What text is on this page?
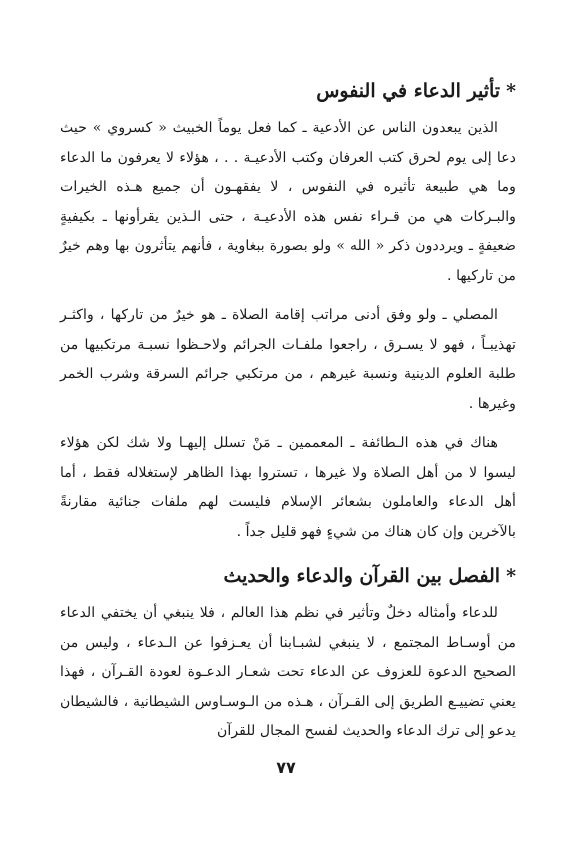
*تأثير الدعاء في النفوس

الذين يبعدون الناس عن الأدعية ـ كما فعل يوماً الخبيث « كسروي » حيث دعا إلى يوم لحرق كتب العرفان وكتب الأدعيـة . . ، هؤلاء لا يعرفون ما الدعاء وما هي طبيعة تأثيره في النفوس ، لا يفقهـون أن جميع هـذه الخيرات والبـركات هي من قـراء نفس هذه الأدعيـة ، حتى الـذين يقرأونها ـ بكيفيةٍ ضعيفةٍ ـ ويرددون ذكر « الله » ولو بصورة ببغاوية ، فأنهم يتأثرون بها وهم خيرٌ من تاركيها .

المصلي ـ ولو وفق أدنى مراتب إقامة الصلاة ـ هو خيرٌ من تاركها ، واكثـر تهذيبـاً ، فهو لا يسـرق ، راجعوا ملفـات الجرائم ولاحـظوا نسبـة مرتكبيها من طلبة العلوم الدينية ونسبة غيرهم ، من مرتكبي جرائم السرقة وشرب الخمر وغيرها .

هناك في هذه الـطائفة ـ المعممين ـ مَنْ تسلل إليهـا ولا شك لكن هؤلاء ليسوا لا من أهل الصلاة ولا غيرها ، تستروا بهذا الظاهر لإستغلاله فقط ، أما أهل الدعاء والعاملون بشعائر الإسلام فليست لهم ملفات جنائية مقارنةً بالآخرين وإن كان هناك من شيءٍ فهو قليل جداً .

*الفصل بين القرآن والدعاء والحديث

للدعاء وأمثاله دخلٌ وتأثير في نظم هذا العالم ، فلا ينبغي أن يختفي الدعاء من أوسـاط المجتمع ، لا ينبغي لشبـابنا أن يعـزفوا عن الـدعاء ، وليس من الصحيح الدعوة للعزوف عن الدعاء تحت شعـار الدعـوة لعودة القـرآن ، فهذا يعني تضييـع الطريق إلى القـرآن ، هـذه من الـوسـاوس الشيطانية ، فالشيطان يدعو إلى ترك الدعاء والحديث لفسح المجال للقرآن

٧٧
